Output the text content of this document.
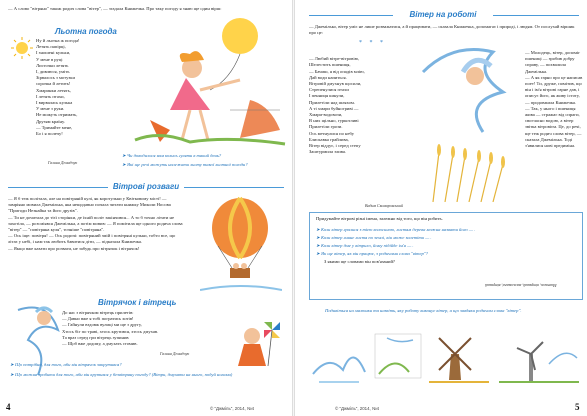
— А слово "вітряно" також родич слова "вітер", — згадала Книжечка. Про таку погоду я знаю ще один вірш:
Льотна погода
Ну й льотна ж погода!
Летять папірці,
І зношені кульки,
У мене в руці
Листочки летять
І, дивлюся, уміть
Зірвалось з мотузки
сорочка й летить!
Хмаринки летять,
І летять птахи,
І вирвалась кулька
У мене з руки.
Не можуть отримать,
Друзям країну.
— Тримайте мене,
Бо і я полечу!
Галина Демидчук
➤ Чи доводилося вам колись гуляти в такий день?
➤ Які ще речі можуть належати льоту такої льотної погоди?
Вітрові розваги
— Я б теж політала, але на повітряній кулі, як коротульки у Квітковому місті! — замріяно мовила Джемілька, яка нещодавно почала читати книжку Миколи Носова "Пригоди Незнайка та його друзів".
— Ти не дочитала до тієї сторінки, де їхній політ закінчився... А то б точно літати не захотіла, — розсміявся Джемілька, а потім мовив: — Я помітила ще одного родича слова "вітер" — "повітряна куля", точніше "повітряна".
— Ось іще: повітря! — Ось родичі: повітряний змій і повітряні кульки, тобто все, що літає у небі, і нам так любить бавитися діти, — підказала Книжечка.
— Якщо вже казати про розваги, не забудь про вітрячок і вітрячок!
Вітрячок і вітрець
До нас з вітрячком вітрець прилетів:
— Давно вже я тобі погратись хотів!
— Гайнули вздовж вулиці ми ще з другу,
Хтось біг по траві, хтось крутився, хтось дмухав.
Та враз серед гри вітрець зупинив
— Щоб вже додому, а дмухать стомив.
Галина Демидчук
➤ Що потрібно, для того, аби він вітрячок закрутився?
➤ Що можна зробити для того, аби він крутився у безвітряну погоду? (Вітри, дмухати на нього, подуй ногами)
4	© "Джміль", 2014, №4
Вітер на роботі
— Джемілько, вітер уміє не лише розважатися, а й працювати, — сказала Книжечка, допомагає і природі, і людям. От послухай віршик про це:
* * *

— Любий вітре-вітровію,
Шелестить пшениця,
— Бачиш, я від опадів млію,
Дай води напиться.
Вітровій дмухнув щосили,
Стрепенулися птахи
І пенниця кинули,
Прилетіли над шляхом.
А ті хмари буйногриві —
Хмари-водовози,
В них щільно, гуркотливі
Прилетіли грози.
Ось метнулися по небу
Блискавка грайлива,
Вітер віддує, і серед степу
Заштурмила злива.

Вадим Скомаровський
— Молодець, вітер, допоміг пшениці — зробив добру справу, — похвалила Джемілька.
— А як гарно про це написав поет! Ти, друже, помітив, що він і ім'я вітрові гарне дав, і описує його, як живу істоту, — продовжила Книжечка.
— Так, у нього і пшениця жива — стражає від спраги, своєчасно водою, а вітер звітка вітровієм. Це, до речі, ще теж родич слова вітер, — сказала Джемілька. Тоді з'явилися нові предиміна.
Придумайте вітрові різні імена, залежно від того, що він робить.
➤ Коли вітер гралися з тією волосиною, листям дерева можна назвати його — .
➤ Коли вітер гинне листя по землі, він може залетіти — .
➤ Коли вітер дме у вітрило, йому підійде ім'я — .
➤ Як ще вітер, як він працює, з родичами слова "вітер"?
З якими ще словами він пов'язаний?
Малюнок, вітряний, мальовничі, вітряний
Подивіться на малюнки та назвіть, яку роботу виконує вітер, а що завдяки родичам слова "вітер".
© "Джміль", 2014, №4	5
